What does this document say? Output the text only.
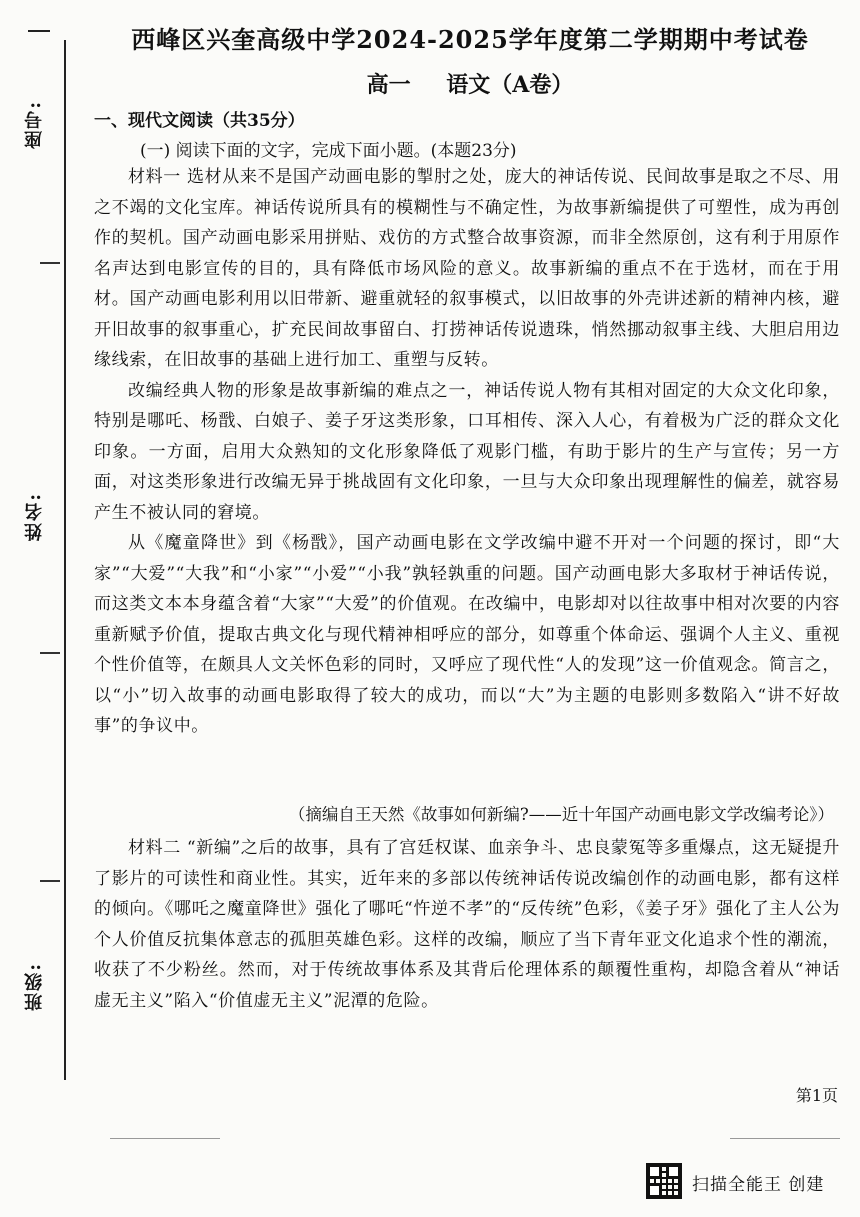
座号:
姓名:
班级:
西峰区兴奎高级中学2024-2025学年度第二学期期中考试卷
高一 语文（A卷）
一、现代文阅读（共35分）
(一) 阅读下面的文字，完成下面小题。(本题23分)

材料一 选材从来不是国产动画电影的掣肘之处，庞大的神话传说、民间故事是取之不尽、用之不竭的文化宝库。神话传说所具有的模糊性与不确定性，为故事新编提供了可塑性，成为再创作的契机。国产动画电影采用拼贴、戏仿的方式整合故事资源，而非全然原创，这有利于用原作名声达到电影宣传的目的，具有降低市场风险的意义。故事新编的重点不在于选材，而在于用材。国产动画电影利用以旧带新、避重就轻的叙事模式，以旧故事的外壳讲述新的精神内核，避开旧故事的叙事重心，扩充民间故事留白、打捞神话传说遗珠，悄然挪动叙事主线、大胆启用边缘线索，在旧故事的基础上进行加工、重塑与反转。

改编经典人物的形象是故事新编的难点之一，神话传说人物有其相对固定的大众文化印象，特别是哪吒、杨戬、白娘子、姜子牙这类形象，口耳相传、深入人心，有着极为广泛的群众文化印象。一方面，启用大众熟知的文化形象降低了观影门槛，有助于影片的生产与宣传；另一方面，对这类形象进行改编无异于挑战固有文化印象，一旦与大众印象出现理解性的偏差，就容易产生不被认同的窘境。

从《魔童降世》到《杨戬》，国产动画电影在文学改编中避不开对一个问题的探讨，即“大家”“大爱”“大我”和“小家”“小爱”“小我”孰轻孰重的问题。国产动画电影大多取材于神话传说，而这类文本本身蕴含着“大家”“大爱”的价值观。在改编中，电影却对以往故事中相对次要的内容重新赋予价值，提取古典文化与现代精神相呼应的部分，如尊重个体命运、强调个人主义、重视个性价值等，在颇具人文关怀色彩的同时，又呼应了现代性“人的发现”这一价值观念。简言之，以“小”切入故事的动画电影取得了较大的成功，而以“大”为主题的电影则多数陷入“讲不好故事”的争议中。

（摘编自王天然《故事如何新编?——近十年国产动画电影文学改编考论》）

材料二 “新编”之后的故事，具有了宫廷权谋、血亲争斗、忠良蒙冤等多重爆点，这无疑提升了影片的可读性和商业性。其实，近年来的多部以传统神话传说改编创作的动画电影，都有这样的倾向。《哪吒之魔童降世》强化了哪吒“忤逆不孝”的“反传统”色彩，《姜子牙》强化了主人公为个人价值反抗集体意志的孤胆英雄色彩。这样的改编，顺应了当下青年亚文化追求个性的潮流，收获了不少粉丝。然而，对于传统故事体系及其背后伦理体系的颠覆性重构，却隐含着从“神话虚无主义”陷入“价值虚无主义”泥潭的危险。

第1页
扫描全能王 创建
